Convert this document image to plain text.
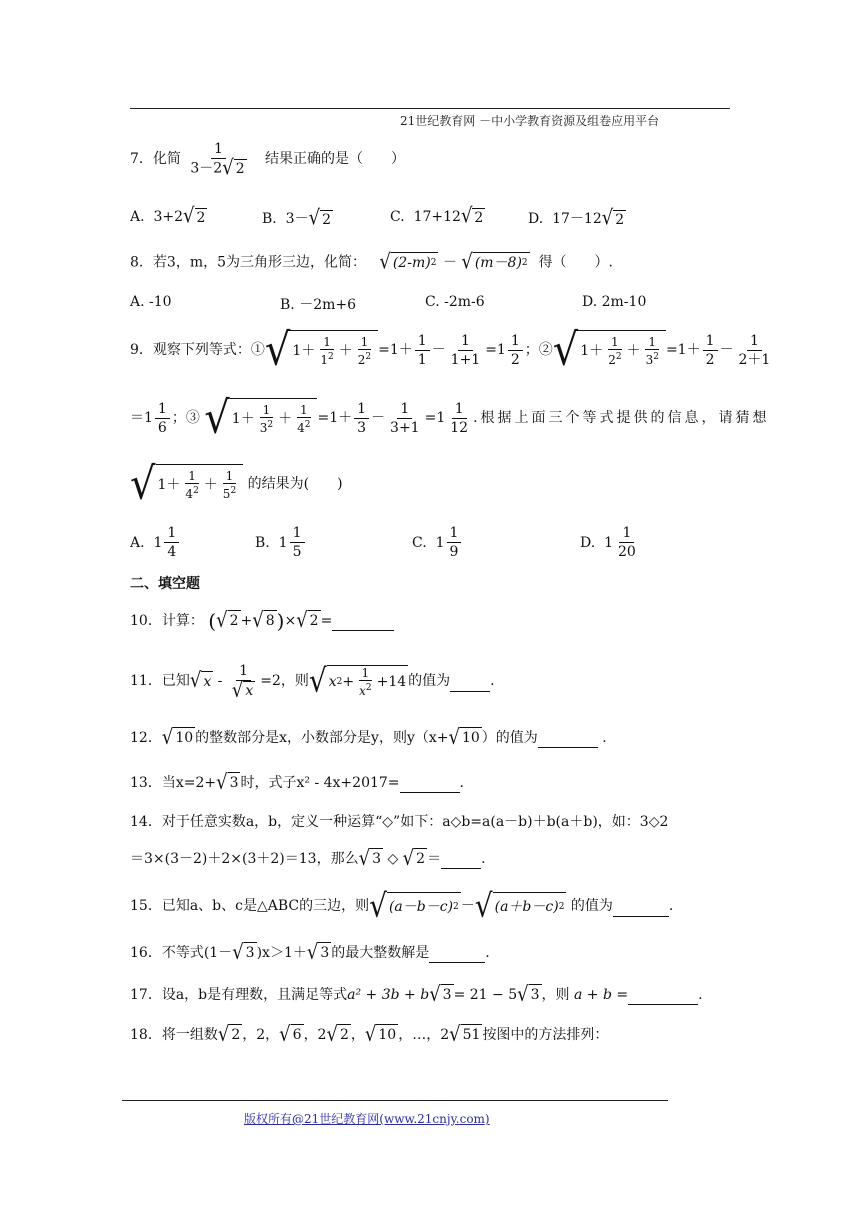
21世纪教育网 －中小学教育资源及组卷应用平台
7．化简 $\frac{1}{3-2 √ 2}$ 结果正确的是（　　）
A. 3+2 √ 2	B. 3－ √ 2	C. 17+12 √ 2	D. 17－12 √ 2
8．若3，m，5为三角形三边，化简： √ (2-m) 2 － √ (m－8) 2 得（　　）.
A. -10	B. －2m+6	C. -2m-6	D. 2m-10
9．观察下列等式：① √ $1 + \frac{1}{1^2} + \frac{1}{2^2} =1+ \frac{1}{1} - \frac{1}{1+1} =1 \frac{1}{2}$ ；② √ $1 + \frac{1}{2^2} + \frac{1}{3^2} =1+ \frac{1}{2} - \frac{1}{2+1}$
＝ $1 \frac{1}{6}$ ；③
√ $1 + \frac{1}{3^2} + \frac{1}{4^2} = 1 + \frac{1}{3} - \frac{1}{3+1} = 1 \frac{1}{12}$ .根据上面三个等式提供的信息，请猜想
√ $1 + \frac{1}{4^2} + \frac{1}{5^2}$
的结果为(　　)
A.
$1 \frac{1}{4}$	B.
$1 \frac{1}{5}$	C.
$1 \frac{1}{9}$	D.
$1 \frac{1}{20}$
二、填空题
10．计算：
( √ 2 + √ 8 ) × √ 2 =

11．已知 √ x
-
$\frac{1}{√ x} =2$，则 √ x $2 + \frac{1}{x^2} +14$ 的值为
	.
12． √ 10 的整数部分是x，小数部分是y，则y（x+ √ 10 ）的值为

	.
13．当x=2+ √ 3 时，式子x² - 4x+2017=
	.
14．对于任意实数a，b，定义一种运算“◇”如下：a◇b=a(a－b)＋b(a＋b)，如：3◇2
＝3×(3－2)＋2×(3＋2)＝13，那么 √ 3
◇
√ 2 ＝
	.
15．已知a、b、c是△ABC的三边，则 √ (a－b－c) 2 － √ (a＋b－c) 2
的值为
	.
16．不等式(1－ √ 3 )x＞1＋ √ 3 的最大整数解是
	.
17．设a，b是有理数，且满足等式 a² + 3b + b √ 3 = 21 − 5 √ 3 ，则
a + b =
	.
18．将一组数 √ 2 ，2， √ 6 ，2 √ 2 ， √ 10 ，…，2 √ 51 按图中的方法排列：
版权所有@21世纪教育网(www.21cnjy.com)
